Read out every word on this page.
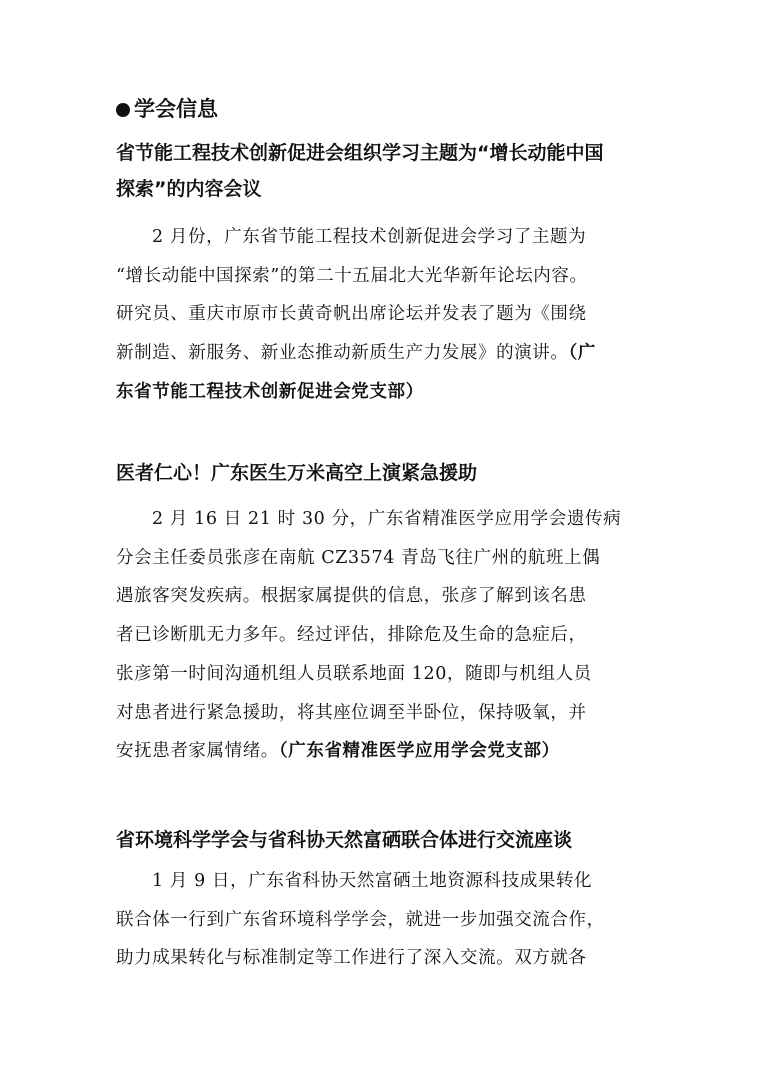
学会信息
省节能工程技术创新促进会组织学习主题为“增长动能中国
探索”的内容会议
2 月份，广东省节能工程技术创新促进会学习了主题为
“增长动能中国探索”的第二十五届北大光华新年论坛内容。
研究员、重庆市原市长黄奇帆出席论坛并发表了题为《围绕
新制造、新服务、新业态推动新质生产力发展》的演讲。（广
东省节能工程技术创新促进会党支部）
医者仁心！广东医生万米高空上演紧急援助
2 月 16 日 21 时 30 分，广东省精准医学应用学会遗传病
分会主任委员张彦在南航 CZ3574 青岛飞往广州的航班上偶
遇旅客突发疾病。根据家属提供的信息，张彦了解到该名患
者已诊断肌无力多年。经过评估，排除危及生命的急症后，
张彦第一时间沟通机组人员联系地面 120，随即与机组人员
对患者进行紧急援助，将其座位调至半卧位，保持吸氧，并
安抚患者家属情绪。（广东省精准医学应用学会党支部）
省环境科学学会与省科协天然富硒联合体进行交流座谈
1 月 9 日，广东省科协天然富硒土地资源科技成果转化
联合体一行到广东省环境科学学会，就进一步加强交流合作，
助力成果转化与标准制定等工作进行了深入交流。双方就各
